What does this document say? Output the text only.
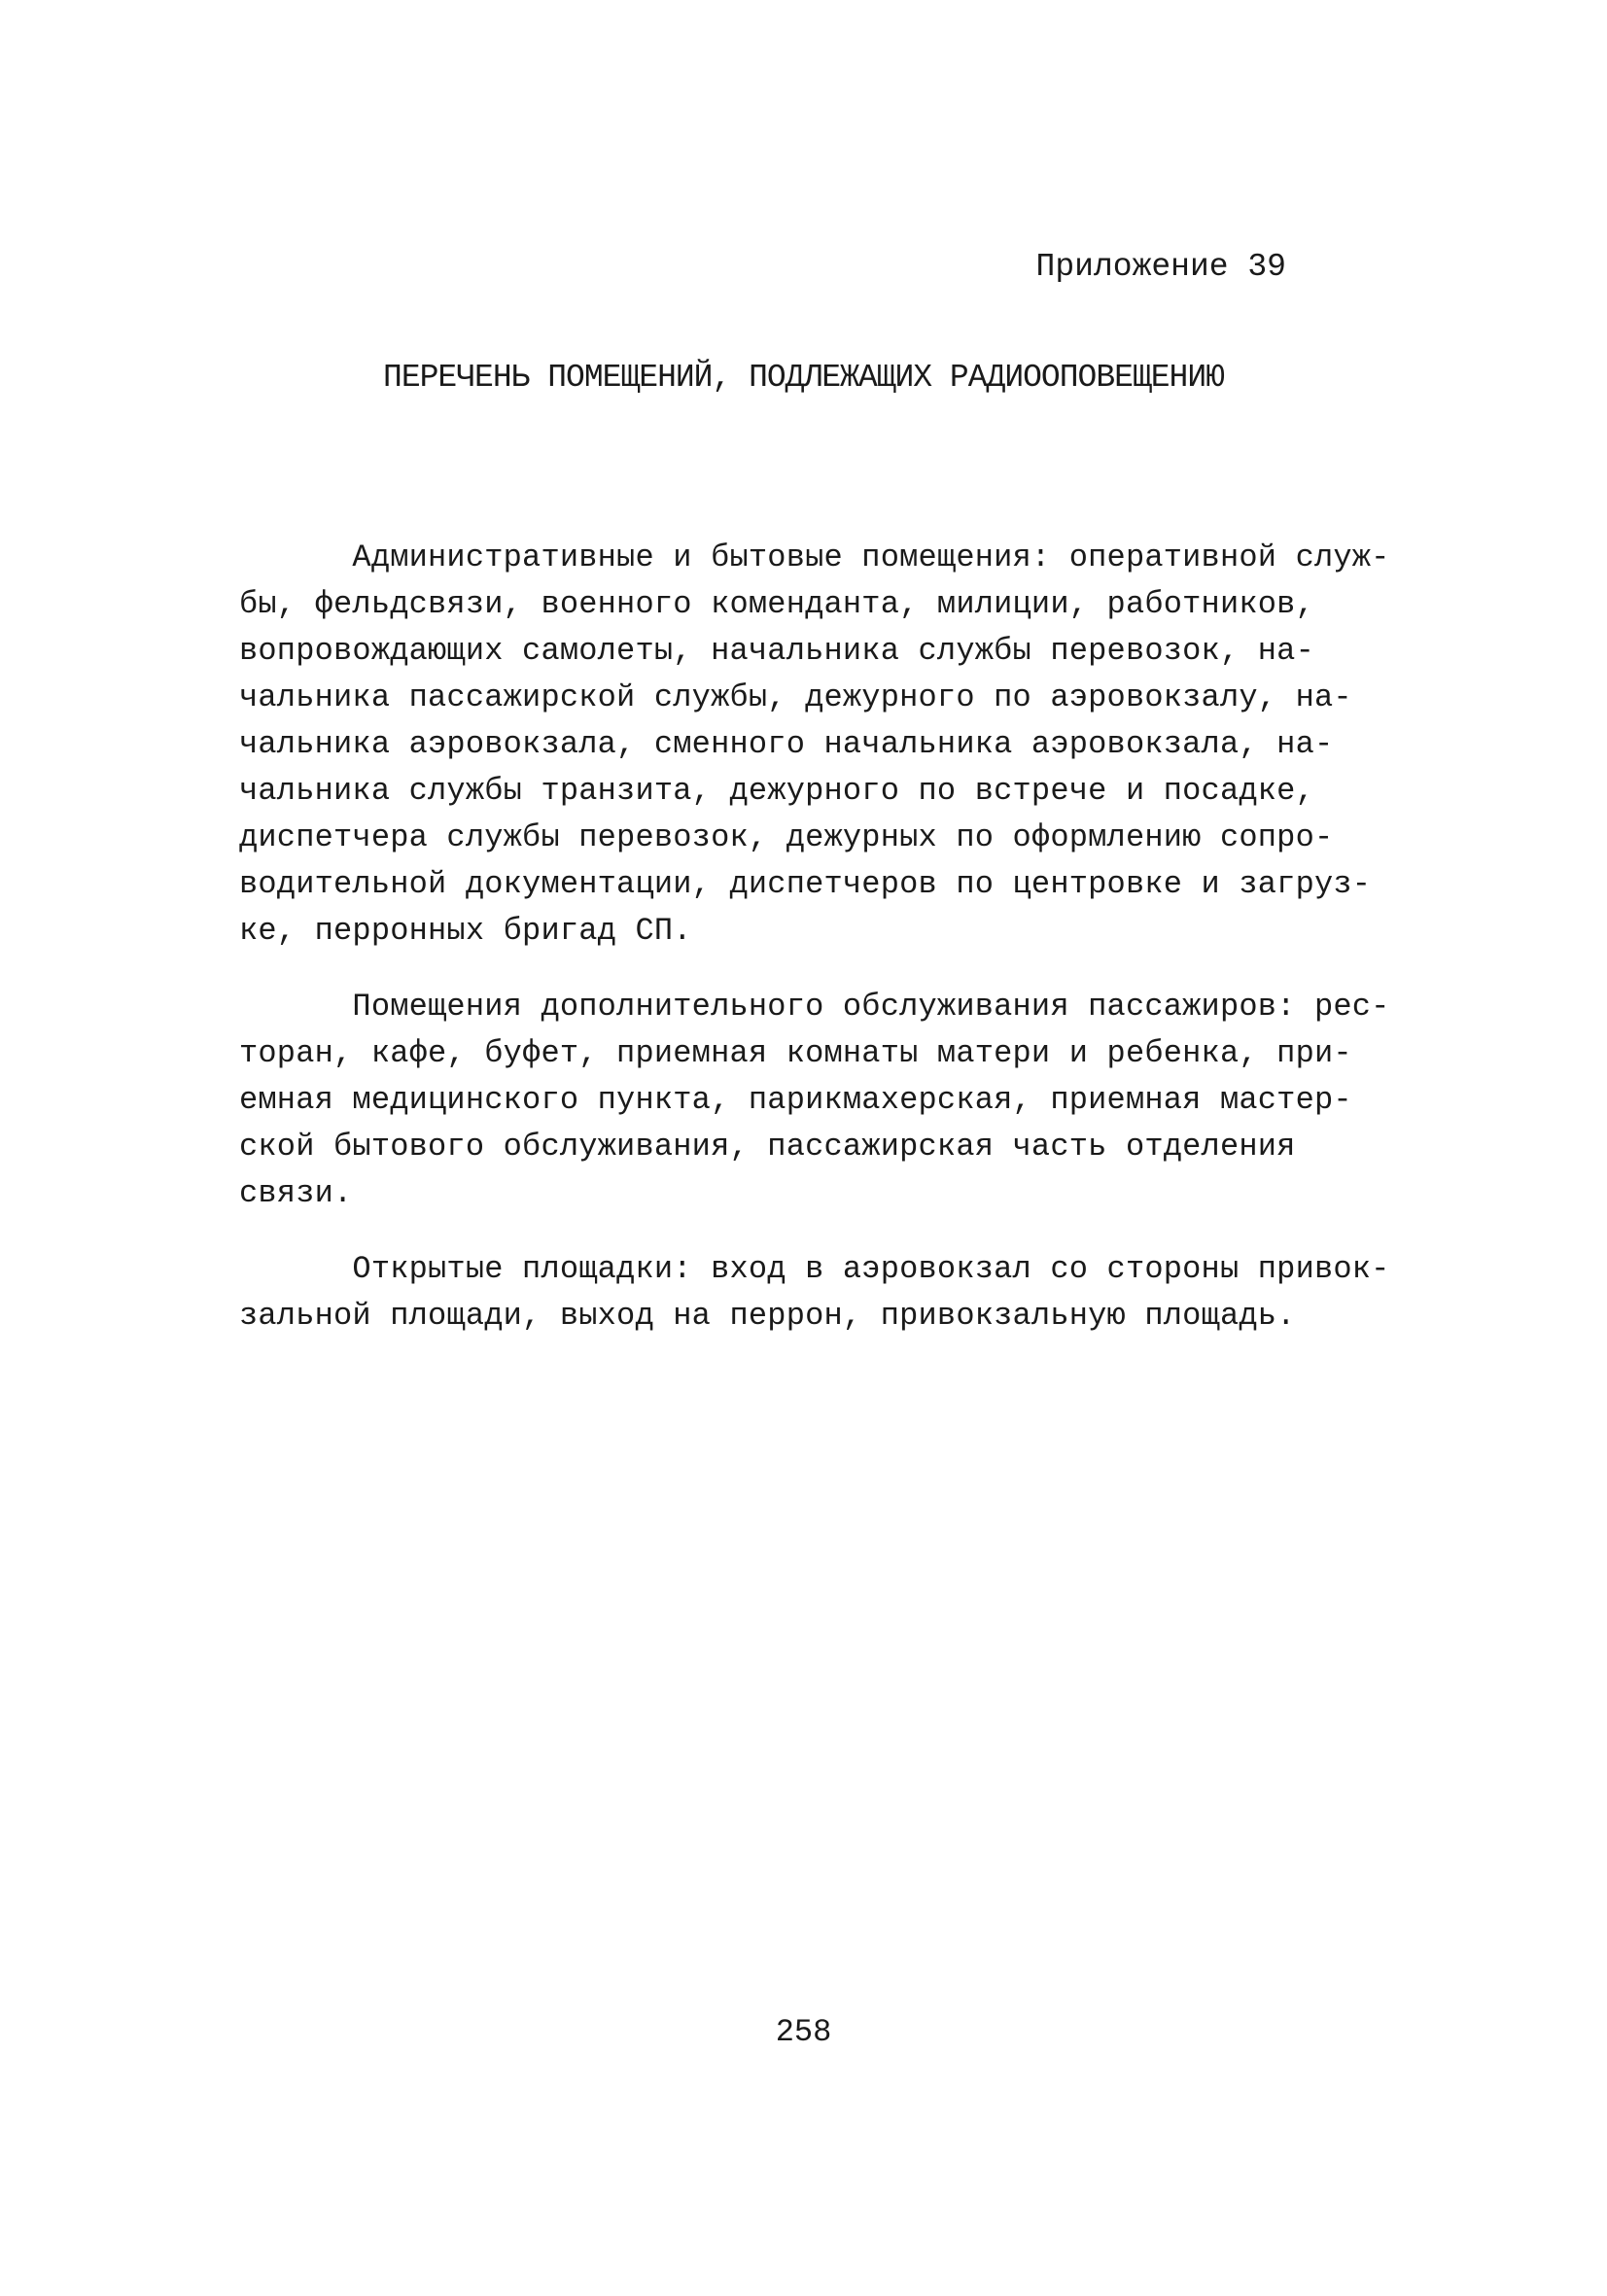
Приложение 39
ПЕРЕЧЕНЬ ПОМЕЩЕНИЙ, ПОДЛЕЖАЩИХ РАДИООПОВЕЩЕНИЮ
Административные и бытовые помещения: оперативной служ-
бы, фельдсвязи, военного коменданта, милиции, работников,
вопровождающих самолеты, начальника службы перевозок, на-
чальника пассажирской службы, дежурного по аэровокзалу, на-
чальника аэровокзала, сменного начальника аэровокзала, на-
чальника службы транзита, дежурного по встрече и посадке,
диспетчера службы перевозок, дежурных по оформлению сопро-
водительной документации, диспетчеров по центровке и загруз-
ке, перронных бригад СП.
Помещения дополнительного обслуживания пассажиров: рес-
торан, кафе, буфет, приемная комнаты матери и ребенка, при-
емная медицинского пункта, парикмахерская, приемная мастер-
ской бытового обслуживания, пассажирская часть отделения
связи.
Открытые площадки: вход в аэровокзал со стороны привок-
зальной площади, выход на перрон, привокзальную площадь.
258
